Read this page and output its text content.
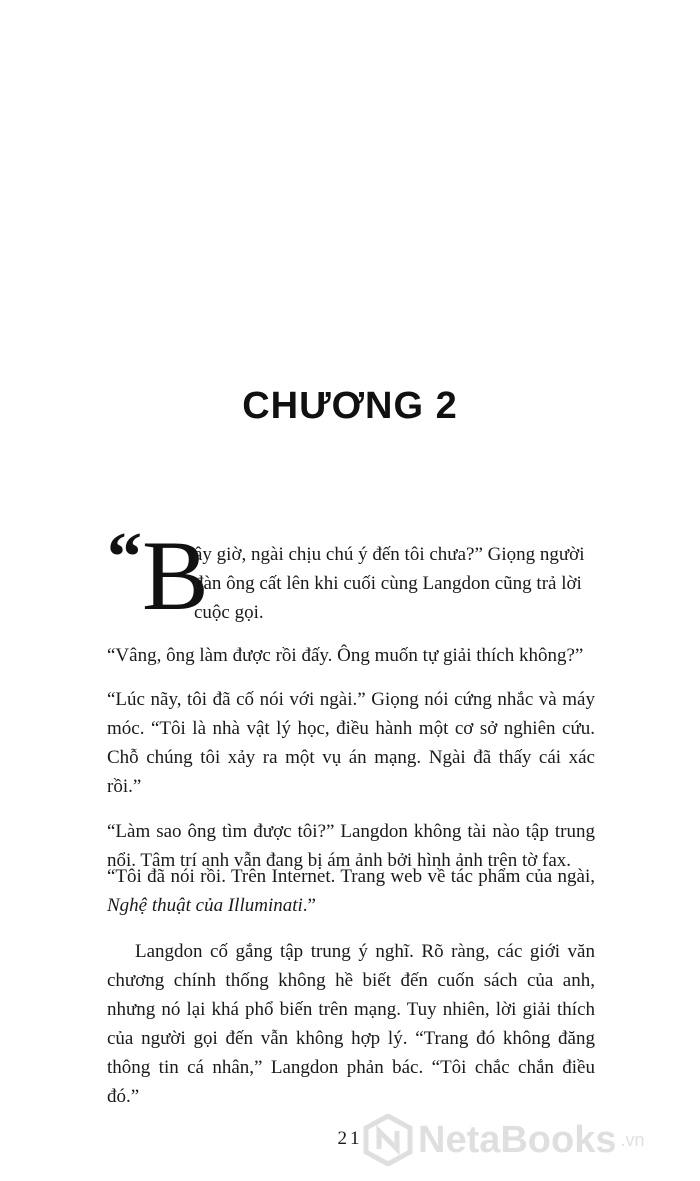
CHƯƠNG 2
“ B
ây giờ, ngài chịu chú ý đến tôi chưa?” Giọng người
đàn ông cất lên khi cuối cùng Langdon cũng trả lời
cuộc gọi.
“Vâng, ông làm được rồi đấy. Ông muốn tự giải thích không?”
“Lúc nãy, tôi đã cố nói với ngài.” Giọng nói cứng nhắc và máy móc. “Tôi là nhà vật lý học, điều hành một cơ sở nghiên cứu. Chỗ chúng tôi xảy ra một vụ án mạng. Ngài đã thấy cái xác rồi.”
“Làm sao ông tìm được tôi?” Langdon không tài nào tập trung nổi. Tâm trí anh vẫn đang bị ám ảnh bởi hình ảnh trên tờ fax.
“Tôi đã nói rồi. Trên Internet. Trang web về tác phẩm của ngài, Nghệ thuật của Illuminati.”
Langdon cố gắng tập trung ý nghĩ. Rõ ràng, các giới văn chương chính thống không hề biết đến cuốn sách của anh, nhưng nó lại khá phổ biến trên mạng. Tuy nhiên, lời giải thích của người gọi đến vẫn không hợp lý. “Trang đó không đăng thông tin cá nhân,” Langdon phản bác. “Tôi chắc chắn điều đó.”
21	NetaBooks .vn
